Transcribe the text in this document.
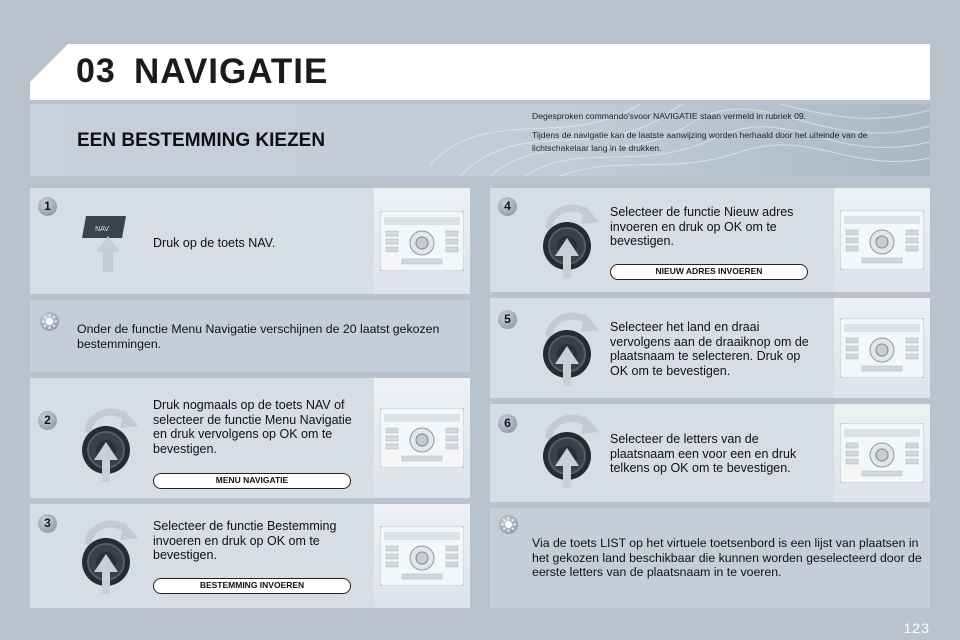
03 NAVIGATIE
EEN BESTEMMING KIEZEN

Degesproken commando'svoor NAVIGATIE staan vermeld in rubriek 09.

Tijdens de navigatie kan de laatste aanwijzing worden herhaald door het uiteinde van de lichtschakelaar lang in te drukken.

1
NAV
Druk op de toets NAV.
Onder de functie Menu Navigatie verschijnen de 20 laatst gekozen bestemmingen.
2
Druk nogmaals op de toets NAV of selecteer de functie Menu Navigatie en druk vervolgens op OK om te bevestigen.
MENU NAVIGATIE
3	Selecteer de functie Bestemming invoeren en druk op OK om te bevestigen.
BESTEMMING INVOEREN
4	Selecteer de functie Nieuw adres invoeren en druk op OK om te bevestigen.
NIEUW ADRES INVOEREN
5
Selecteer het land en draai vervolgens aan de draaiknop om de plaatsnaam te selecteren. Druk op OK om te bevestigen.
6
Selecteer de letters van de plaatsnaam een voor een en druk telkens op OK om te bevestigen.
Via de toets LIST op het virtuele toetsenbord is een lijst van plaatsen in het gekozen land beschikbaar die kunnen worden geselecteerd door de eerste letters van de plaatsnaam in te voeren.
123
